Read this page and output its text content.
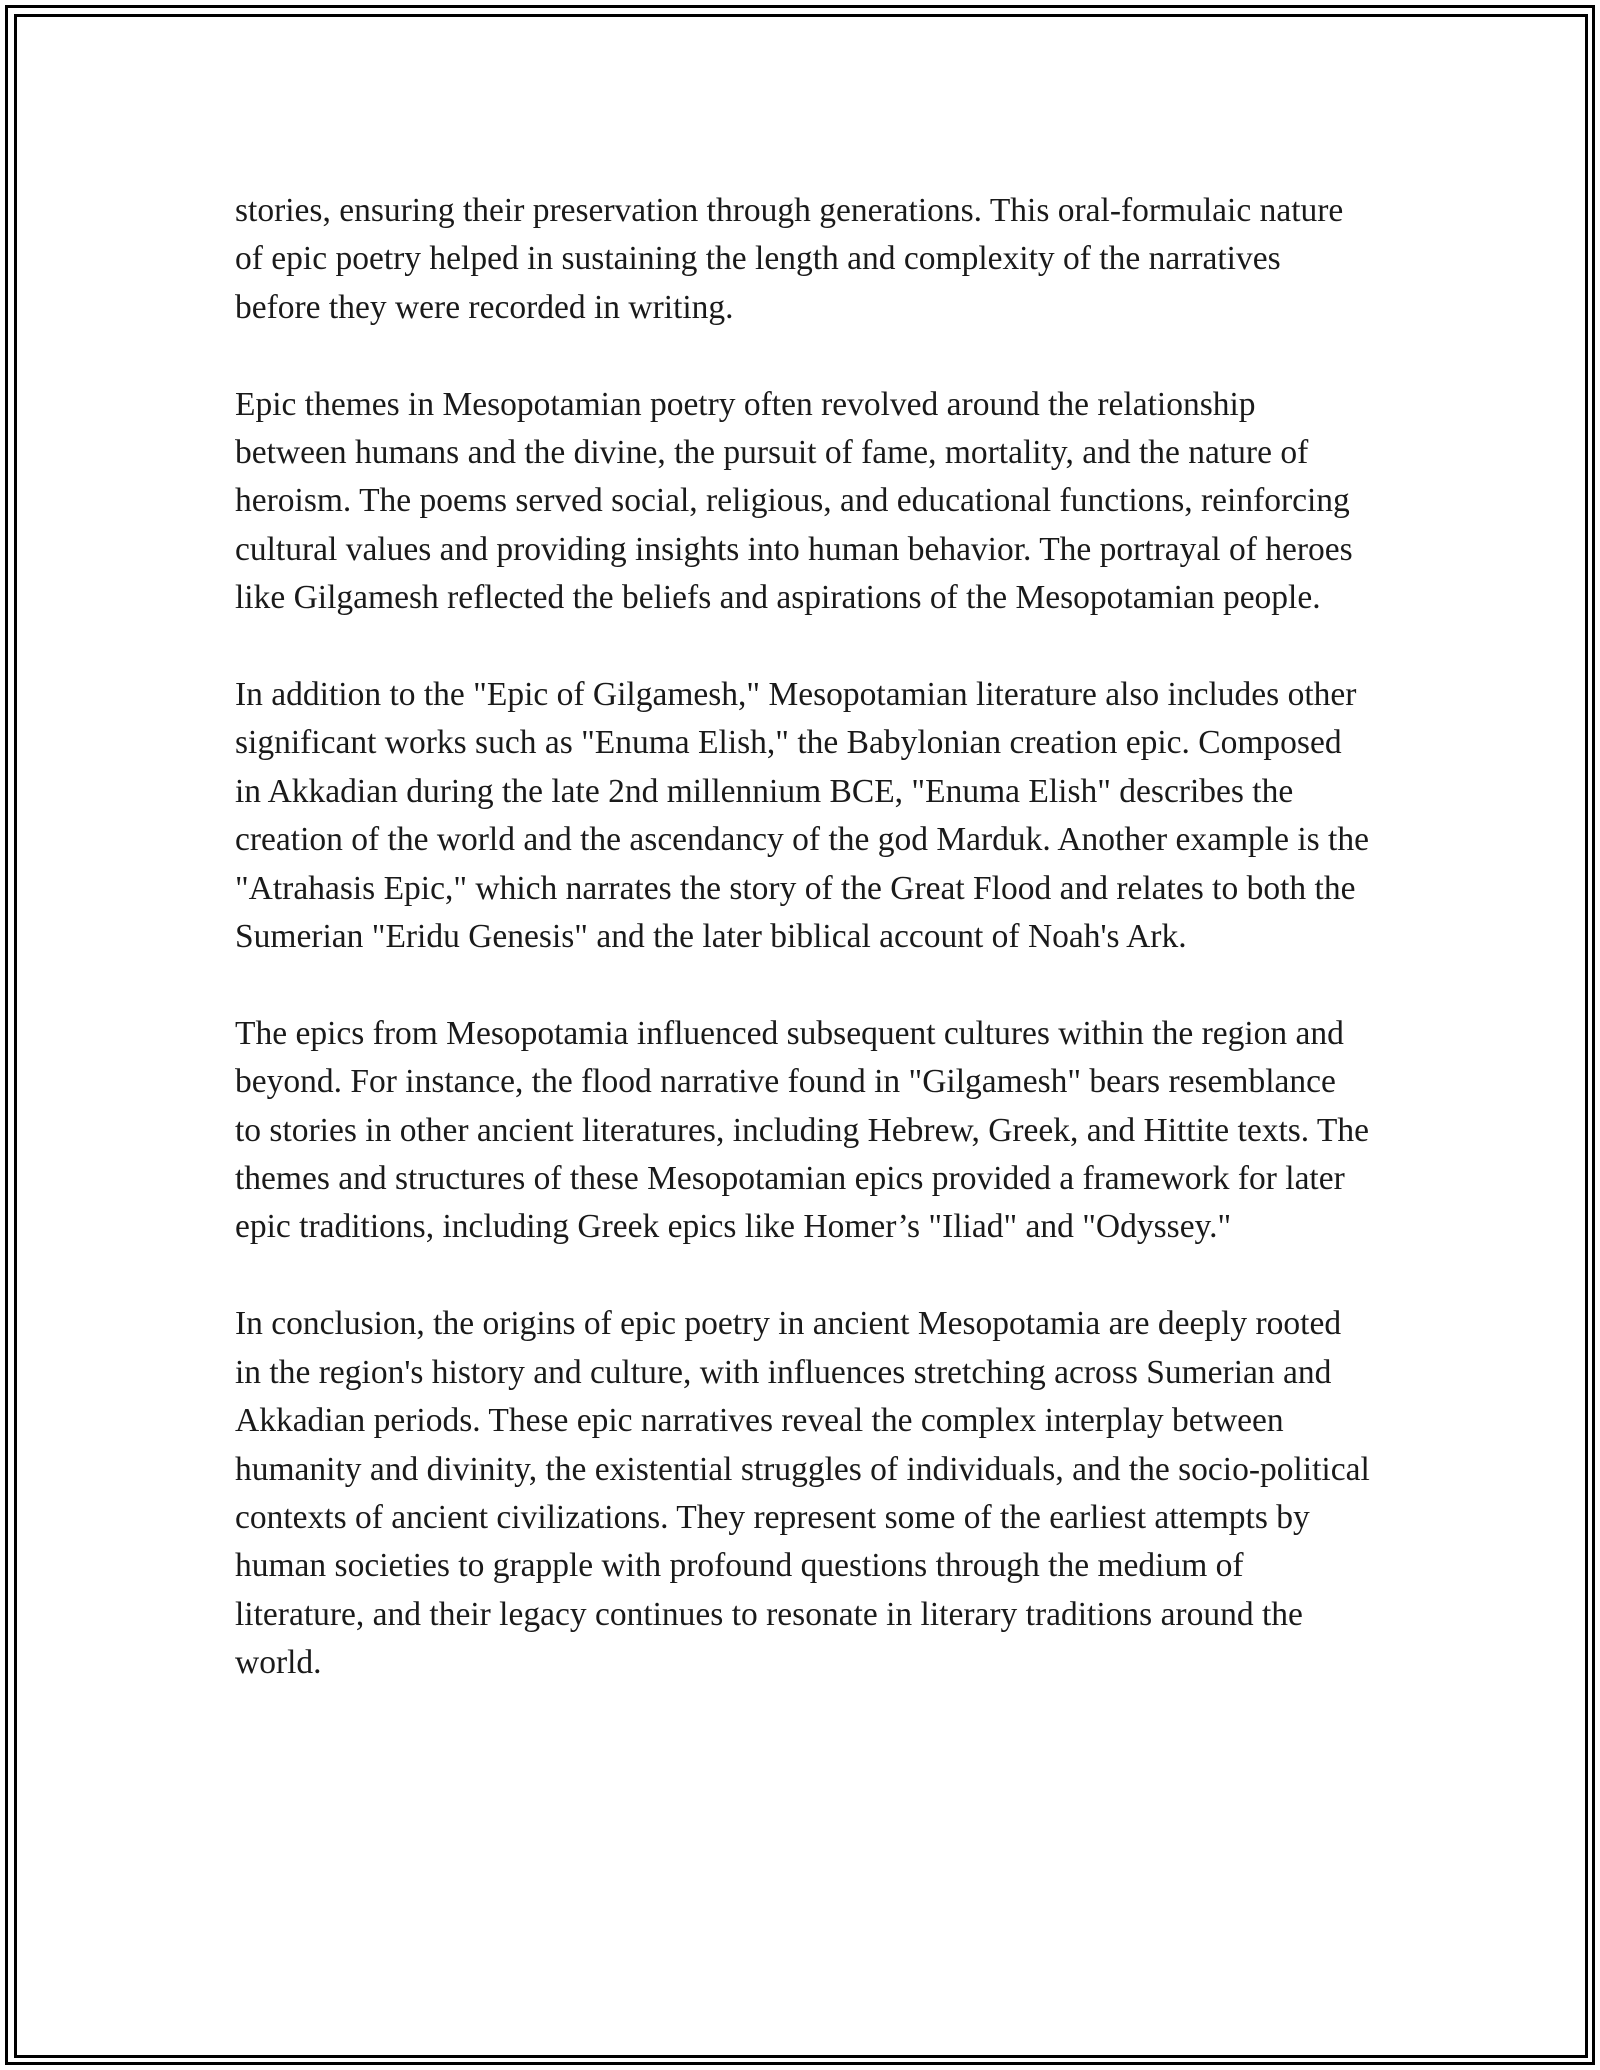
stories, ensuring their preservation through generations. This oral-formulaic nature of epic poetry helped in sustaining the length and complexity of the narratives before they were recorded in writing.

Epic themes in Mesopotamian poetry often revolved around the relationship between humans and the divine, the pursuit of fame, mortality, and the nature of heroism. The poems served social, religious, and educational functions, reinforcing cultural values and providing insights into human behavior. The portrayal of heroes like Gilgamesh reflected the beliefs and aspirations of the Mesopotamian people.

In addition to the "Epic of Gilgamesh," Mesopotamian literature also includes other significant works such as "Enuma Elish," the Babylonian creation epic. Composed in Akkadian during the late 2nd millennium BCE, "Enuma Elish" describes the creation of the world and the ascendancy of the god Marduk. Another example is the "Atrahasis Epic," which narrates the story of the Great Flood and relates to both the Sumerian "Eridu Genesis" and the later biblical account of Noah's Ark.

The epics from Mesopotamia influenced subsequent cultures within the region and beyond. For instance, the flood narrative found in "Gilgamesh" bears resemblance to stories in other ancient literatures, including Hebrew, Greek, and Hittite texts. The themes and structures of these Mesopotamian epics provided a framework for later epic traditions, including Greek epics like Homer’s "Iliad" and "Odyssey."

In conclusion, the origins of epic poetry in ancient Mesopotamia are deeply rooted in the region's history and culture, with influences stretching across Sumerian and Akkadian periods. These epic narratives reveal the complex interplay between humanity and divinity, the existential struggles of individuals, and the socio-political contexts of ancient civilizations. They represent some of the earliest attempts by human societies to grapple with profound questions through the medium of literature, and their legacy continues to resonate in literary traditions around the world.
